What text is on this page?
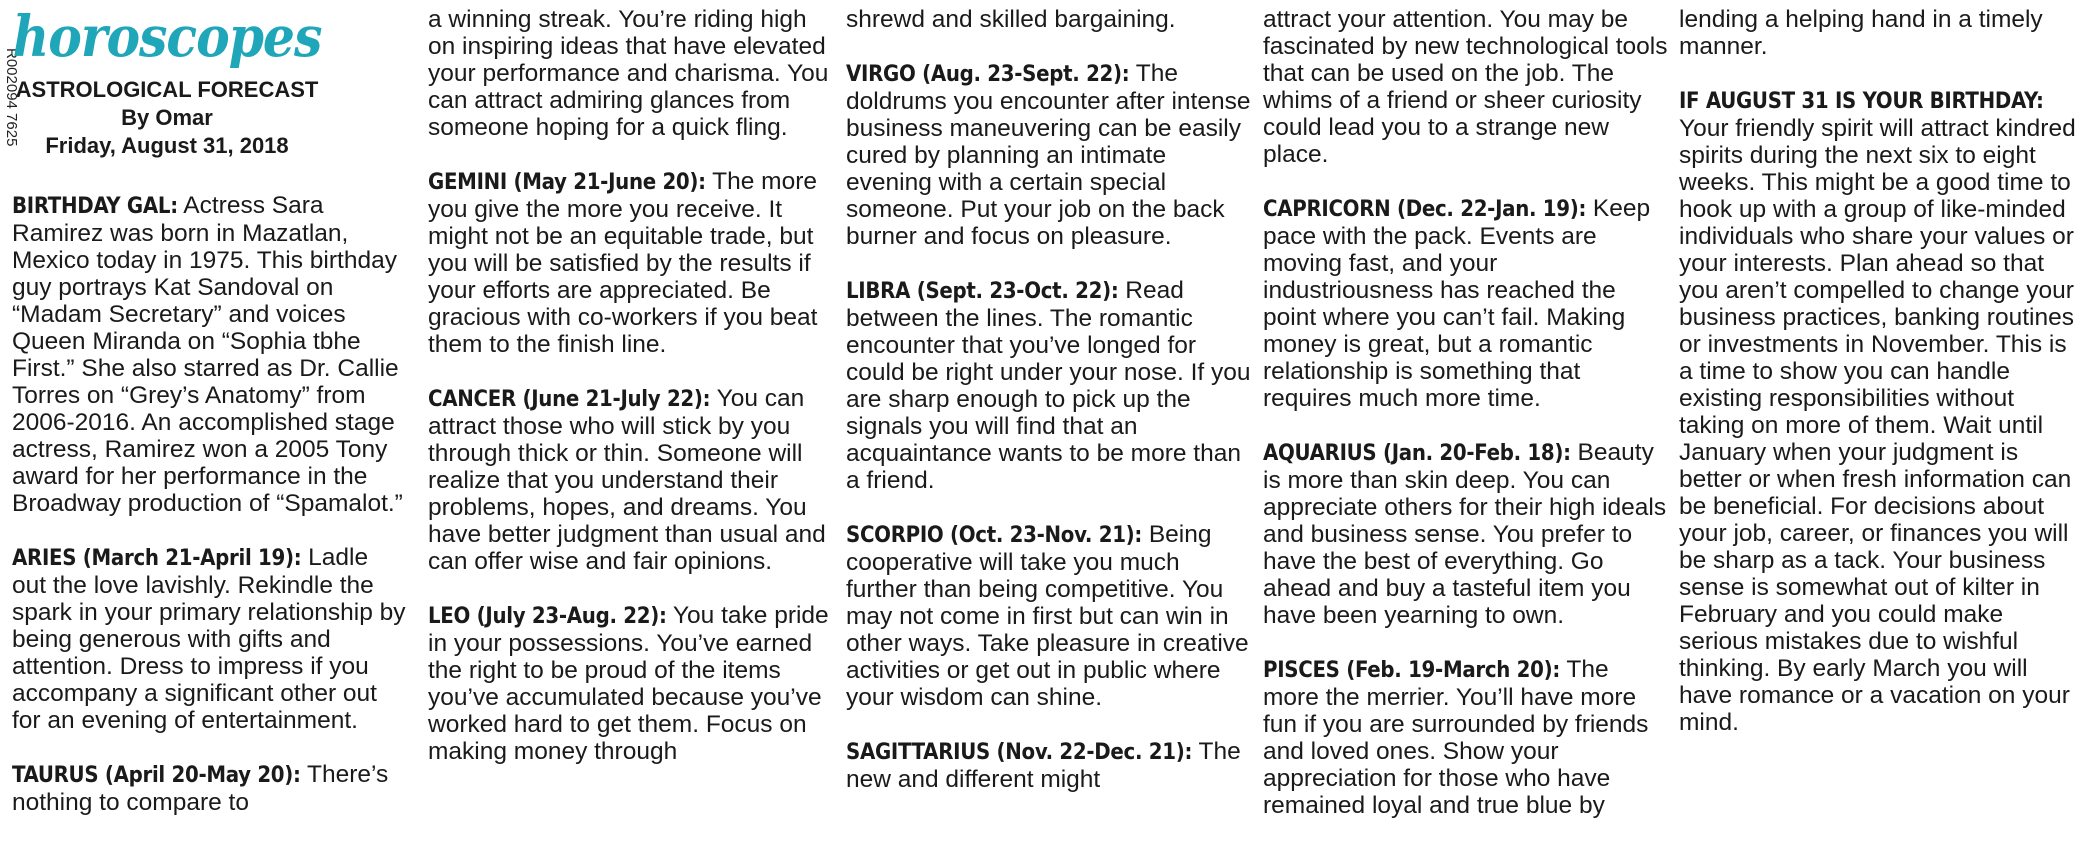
R002094 7625
horoscopes
ASTROLOGICAL FORECAST
By Omar
Friday, August 31, 2018

BIRTHDAY GAL: Actress Sara Ramirez was born in Mazatlan, Mexico today in 1975. This birthday guy portrays Kat Sandoval on “Madam Secretary” and voices Queen Miranda on “Sophia tbhe First.” She also starred as Dr. Callie Torres on “Grey’s Anatomy” from 2006-2016. An accomplished stage actress, Ramirez won a 2005 Tony award for her performance in the Broadway production of “Spamalot.”

ARIES (March 21-April 19): Ladle out the love lavishly. Rekindle the spark in your primary relationship by being generous with gifts and attention. Dress to impress if you accompany a significant other out for an evening of entertainment.

TAURUS (April 20-May 20): There’s nothing to compare to

a winning streak. You’re riding high on inspiring ideas that have elevated your performance and charisma. You can attract admiring glances from someone hoping for a quick fling.

GEMINI (May 21-June 20): The more you give the more you receive. It might not be an equitable trade, but you will be satisfied by the results if your efforts are appreciated. Be gracious with co-workers if you beat them to the finish line.

CANCER (June 21-July 22): You can attract those who will stick by you through thick or thin. Someone will realize that you understand their problems, hopes, and dreams. You have better judgment than usual and can offer wise and fair opinions.

LEO (July 23-Aug. 22): You take pride in your possessions. You’ve earned the right to be proud of the items you’ve accumulated because you’ve worked hard to get them. Focus on making money through

shrewd and skilled bargaining.

VIRGO (Aug. 23-Sept. 22): The doldrums you encounter after intense business maneuvering can be easily cured by planning an intimate evening with a certain special someone. Put your job on the back burner and focus on pleasure.

LIBRA (Sept. 23-Oct. 22): Read between the lines. The romantic encounter that you’ve longed for could be right under your nose. If you are sharp enough to pick up the signals you will find that an acquaintance wants to be more than a friend.

SCORPIO (Oct. 23-Nov. 21): Being cooperative will take you much further than being competitive. You may not come in first but can win in other ways. Take pleasure in creative activities or get out in public where your wisdom can shine.

SAGITTARIUS (Nov. 22-Dec. 21): The new and different might

attract your attention. You may be fascinated by new technological tools that can be used on the job. The whims of a friend or sheer curiosity could lead you to a strange new place.

CAPRICORN (Dec. 22-Jan. 19): Keep pace with the pack. Events are moving fast, and your industriousness has reached the point where you can’t fail. Making money is great, but a romantic relationship is something that requires much more time.

AQUARIUS (Jan. 20-Feb. 18): Beauty is more than skin deep. You can appreciate others for their high ideals and business sense. You prefer to have the best of everything. Go ahead and buy a tasteful item you have been yearning to own.

PISCES (Feb. 19-March 20): The more the merrier. You’ll have more fun if you are surrounded by friends and loved ones. Show your appreciation for those who have remained loyal and true blue by

lending a helping hand in a timely manner.

IF AUGUST 31 IS YOUR BIRTHDAY: Your friendly spirit will attract kindred spirits during the next six to eight weeks. This might be a good time to hook up with a group of like-minded individuals who share your values or your interests. Plan ahead so that you aren’t compelled to change your business practices, banking routines or investments in November. This is a time to show you can handle existing responsibilities without taking on more of them. Wait until January when your judgment is better or when fresh information can be beneficial. For decisions about your job, career, or finances you will be sharp as a tack. Your business sense is somewhat out of kilter in February and you could make serious mistakes due to wishful thinking. By early March you will have romance or a vacation on your mind.
